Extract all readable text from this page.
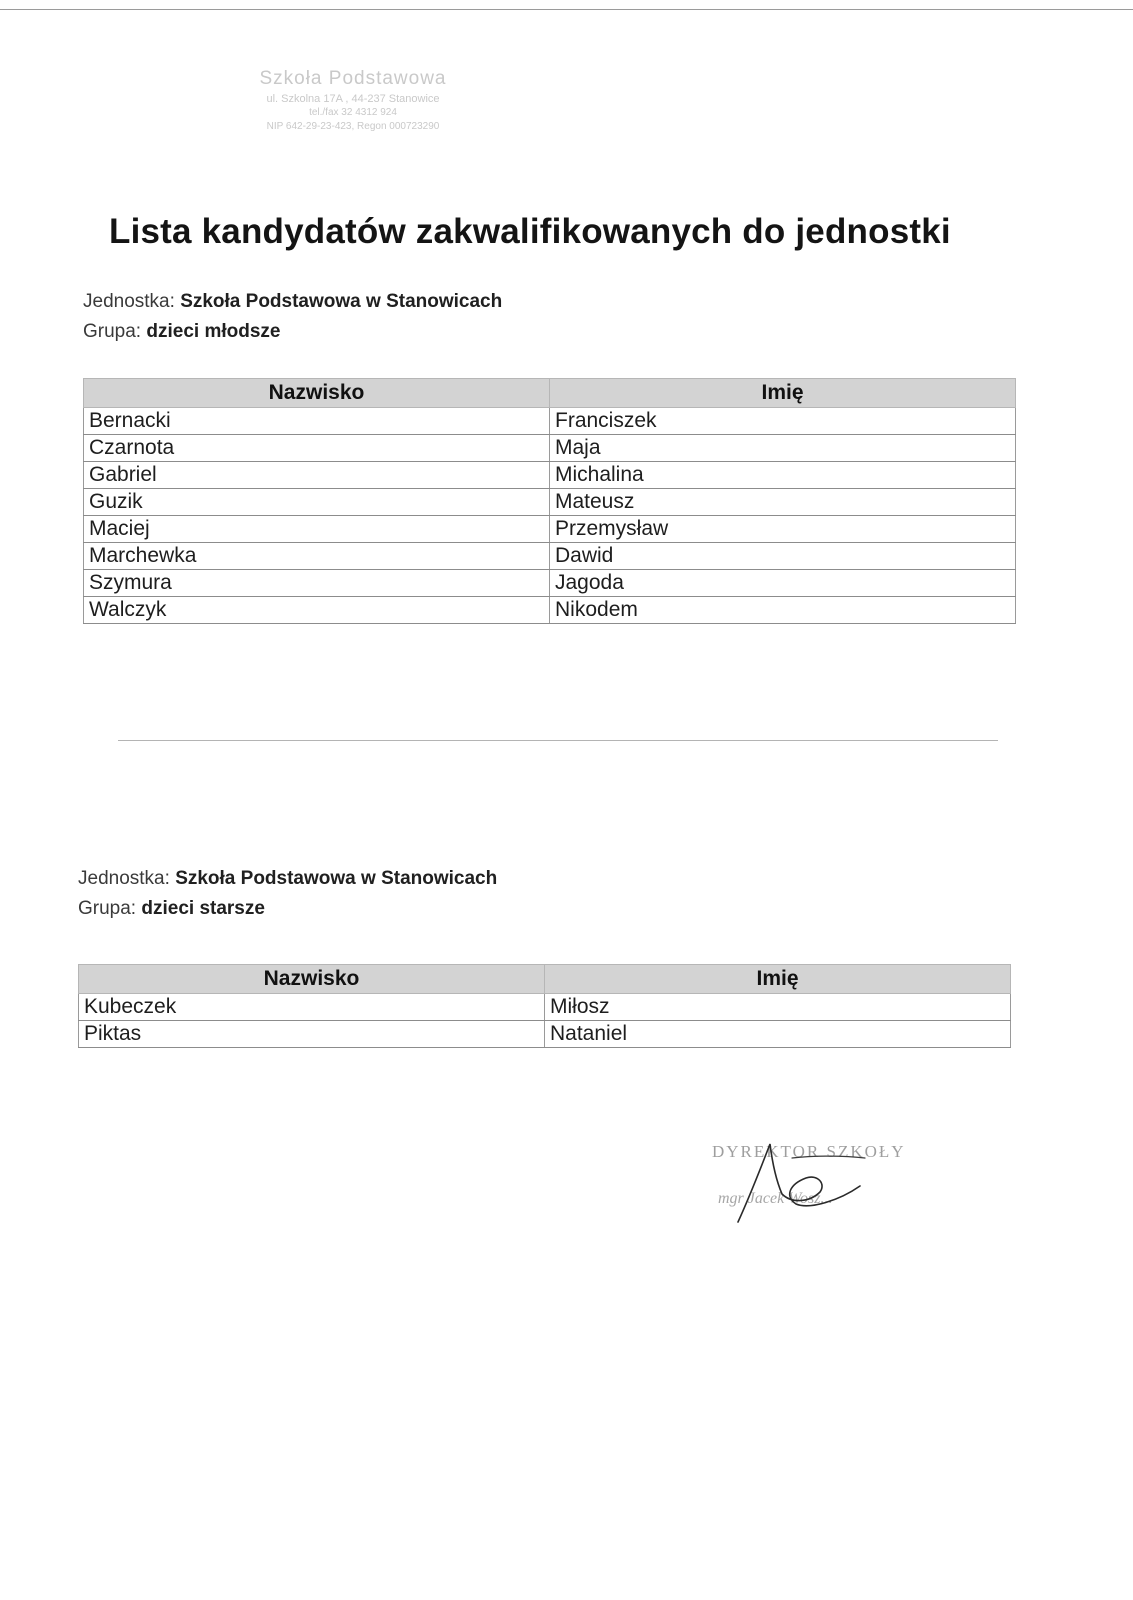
Szkoła Podstawowa
ul. Szkolna 17A , 44-237 Stanowice
tel./fax 32 4312 924
NIP 642-29-23-423, Regon 000723290
Lista kandydatów zakwalifikowanych do jednostki
Jednostka: Szkoła Podstawowa w Stanowicach
Grupa: dzieci młodsze
Nazwisko	Imię
Bernacki	Franciszek
Czarnota	Maja
Gabriel	Michalina
Guzik	Mateusz
Maciej	Przemysław
Marchewka	Dawid
Szymura	Jagoda
Walczyk	Nikodem
Jednostka: Szkoła Podstawowa w Stanowicach
Grupa: dzieci starsze
Nazwisko	Imię
Kubeczek	Miłosz
Piktas	Nataniel
DYREKTOR SZKOŁY
mgr Jacek Wosz...
